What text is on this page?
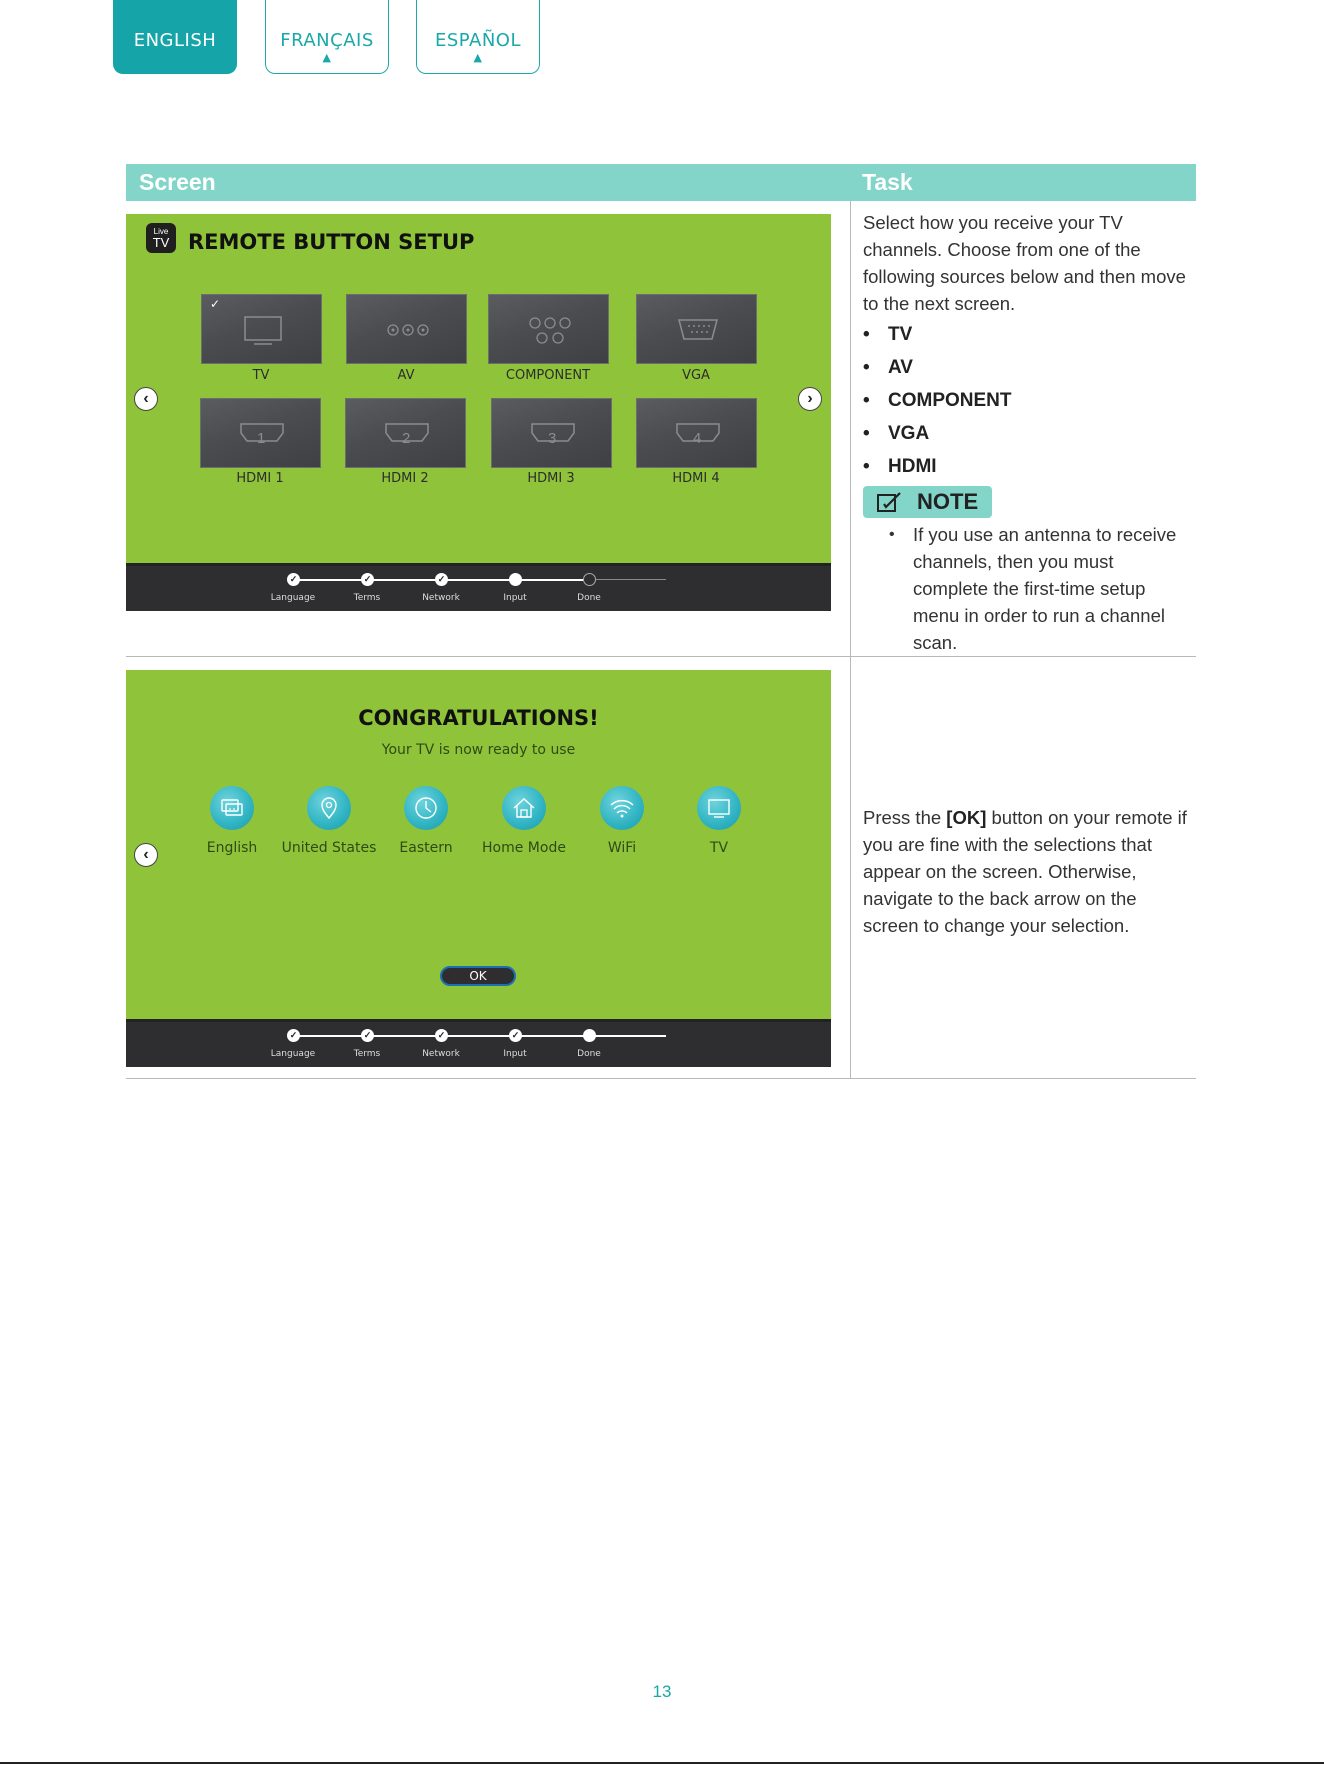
ENGLISH	FRANÇAIS
▲
ESPAÑOL
▲
Screen	Task
Live
TV REMOTE BUTTON SETUP
✓
TV	AV	COMPONENT	VGA
1	2	3	4
HDMI 1	HDMI 2	HDMI 3	HDMI 4
‹	›
✓	✓	✓
Language	Terms	Network	Input	Done
Select how you receive your TV channels. Choose from one of the following sources below and then move to the next screen.
• TV
• AV
• COMPONENT
• VGA
• HDMI
NOTE
• If you use an antenna to receive channels, then you must complete the first-time setup menu in order to run a channel scan.
CONGRATULATIONS!
Your TV is now ready to use
English	United States	Eastern	Home Mode	WiFi	TV
‹
OK
✓	✓	✓	✓
Language	Terms	Network	Input	Done
Press the [OK] button on your remote if you are fine with the selections that appear on the screen. Otherwise, navigate to the back arrow on the screen to change your selection.
13
